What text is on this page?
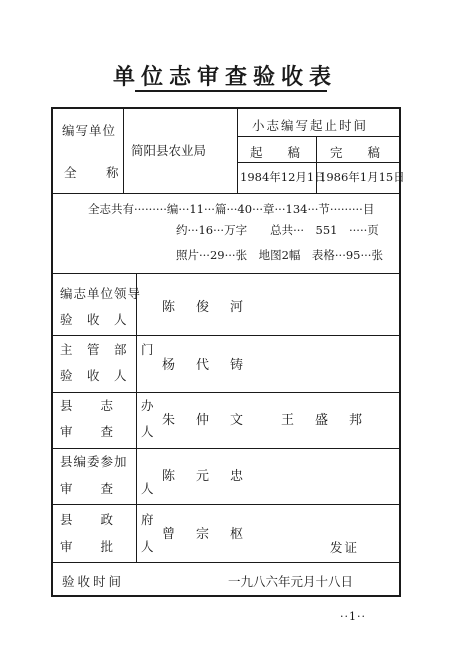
单位志审查验收表
编写单位
全 称
简阳县农业局
小志编写起止时间
起　　稿 完　　稿
1984年12月1日
1986年1月15日
全志共有·········编···11···篇···40···章···134···节·········目
约···16···万字　　总共···　551　·····页
照片···29···张　地图2幅　表格···95···张
编志单位领导
验　收　人
陈　俊　河
主　管　部　门
验　收　人
杨　代　铸
县　　志　　办
审　　查　　人
朱　仲　文　　王　盛　邦
县编委参加
审　　查　　人
陈　元　忠
县　　政　　府
审　　批　　人
曾　宗　枢
发证
验收时间	一九八六年元月十八日
··1··
